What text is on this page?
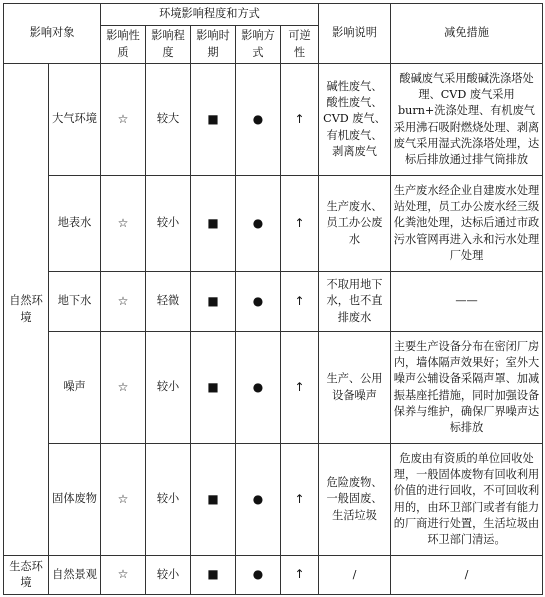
影响对象		环境影响程度和方式					影响说明	减免措施
		影响性质	影响程度	影响时期	影响方式	可逆性		
自然环境	大气环境	☆	较大	■	●	↑	碱性废气、酸性废气、CVD 废气、有机废气、剥离废气	酸碱废气采用酸碱洗涤塔处理、CVD 废气采用 burn+洗涤处理、有机废气采用沸石吸附燃烧处理、剥离废气采用湿式洗涤塔处理，达标后排放通过排气筒排放
	地表水	☆	较小	■	●	↑	生产废水、员工办公废水	生产废水经企业自建废水处理站处理，员工办公废水经三级化粪池处理，达标后通过市政污水管网再进入永和污水处理厂处理
	地下水	☆	轻微	■	●	↑	不取用地下水，也不直排废水	——
	噪声	☆	较小	■	●	↑	生产、公用设备噪声	主要生产设备分布在密闭厂房内，墙体隔声效果好；室外大噪声公辅设备采隔声罩、加减振基座托措施，同时加强设备保养与维护，确保厂界噪声达标排放
	固体废物	☆	较小	■	●	↑	危险废物、一般固废、生活垃圾	危废由有资质的单位回收处理，一般固体废物有回收利用价值的进行回收，不可回收利用的，由环卫部门或者有能力的厂商进行处置，生活垃圾由环卫部门清运。
生态环境	自然景观	☆	较小	■	●	↑	/	/
